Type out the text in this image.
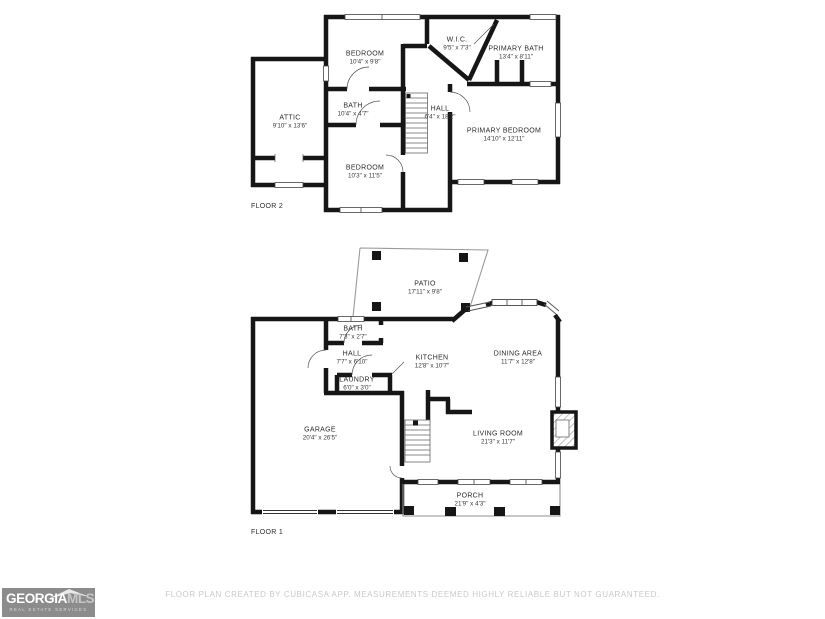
BEDROOM
10'4" x 9'8"
W.I.C.
9'5" x 7'3"	PRIMARY BATH
13'4" x 8'11"
ATTIC
9'10" x 13'6"
BATH
10'4" x 4'7"
HALL
6'4" x 18'2"
PRIMARY BEDROOM
14'10" x 12'11"
BEDROOM
10'3" x 11'5"
PATIO
17'11" x 9'8"
BATH
7'3" x 2'7"
HALL
7'7" x 6'10"
LAUNDRY
6'0" x 3'0"
KITCHEN
12'8" x 10'7"
DINING AREA
11'7" x 12'8"
GARAGE
20'4" x 26'5"
LIVING ROOM
21'3" x 11'7"
PORCH
21'9" x 4'3"
FLOOR 2
FLOOR 1
FLOOR PLAN CREATED BY CUBICASA APP. MEASUREMENTS DEEMED HIGHLY RELIABLE BUT NOT GUARANTEED.
GEORGIAMLS
REAL ESTATE SERVICES
